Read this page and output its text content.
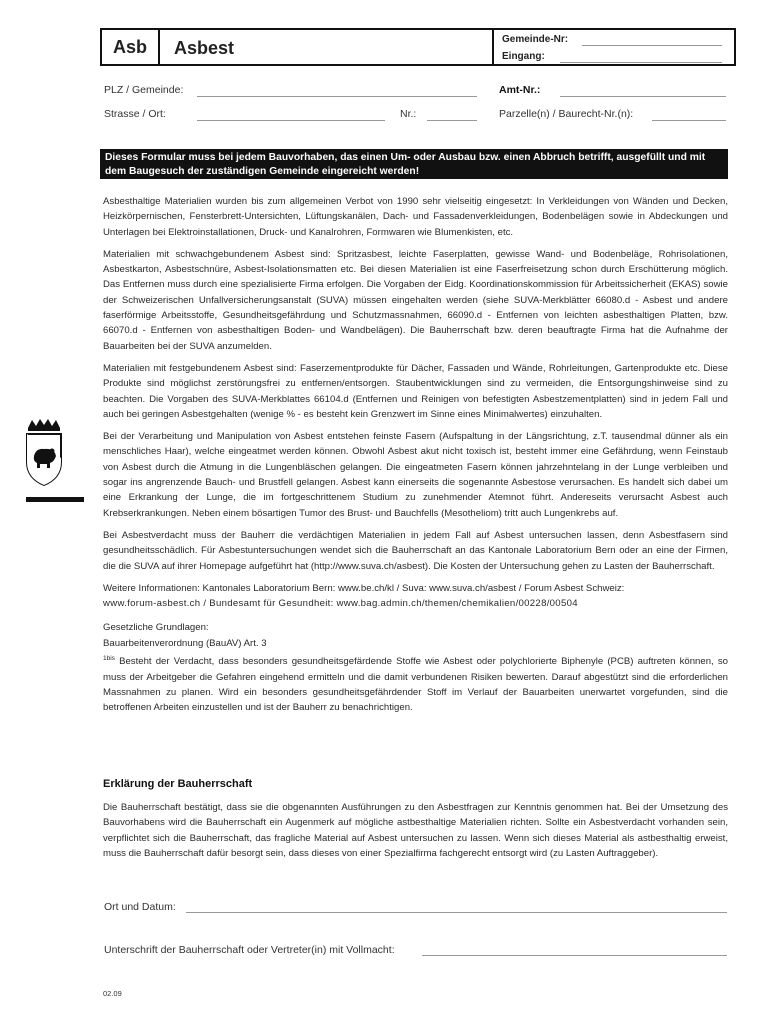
Asb	Asbest	Gemeinde-Nr:
Eingang:
PLZ / Gemeinde:	Amt-Nr.:
Strasse / Ort:	Nr.:	Parzelle(n) / Baurecht-Nr.(n):
Dieses Formular muss bei jedem Bauvorhaben, das einen Um- oder Ausbau bzw. einen Abbruch betrifft, ausgefüllt und mit dem Baugesuch der zuständigen Gemeinde eingereicht werden!

Asbesthaltige Materialien wurden bis zum allgemeinen Verbot von 1990 sehr vielseitig eingesetzt: In Verkleidungen von Wänden und Decken, Heizkörpernischen, Fensterbrett-Untersichten, Lüftungskanälen, Dach- und Fassadenverkleidungen, Bodenbelägen sowie in Abdeckungen und Unterlagen bei Elektroinstallationen, Druck- und Kanalrohren, Formwaren wie Blumenkisten, etc.

Materialien mit schwachgebundenem Asbest sind: Spritzasbest, leichte Faserplatten, gewisse Wand- und Bodenbeläge, Rohrisolationen, Asbestkarton, Asbestschnüre, Asbest-Isolationsmatten etc. Bei diesen Materialien ist eine Faserfreisetzung schon durch Erschütterung möglich. Das Entfernen muss durch eine spezialisierte Firma erfolgen. Die Vorgaben der Eidg. Koordinationskommission für Arbeitssicherheit (EKAS) sowie der Schweizerischen Unfallversicherungsanstalt (SUVA) müssen eingehalten werden (siehe SUVA-Merkblätter 66080.d - Asbest und andere faserförmige Arbeitsstoffe, Gesundheitsgefährdung und Schutzmassnahmen, 66090.d - Entfernen von leichten asbesthaltigen Platten, bzw. 66070.d - Entfernen von asbesthaltigen Boden- und Wandbelägen). Die Bauherrschaft bzw. deren beauftragte Firma hat die Aufnahme der Bauarbeiten bei der SUVA anzumelden.

Materialien mit festgebundenem Asbest sind: Faserzementprodukte für Dächer, Fassaden und Wände, Rohrleitungen, Gartenprodukte etc. Diese Produkte sind möglichst zerstörungsfrei zu entfernen/entsorgen. Staubentwicklungen sind zu vermeiden, die Entsorgungshinweise sind zu beachten. Die Vorgaben des SUVA-Merkblattes 66104.d (Entfernen und Reinigen von befestigten Asbestzementplatten) sind in jedem Fall und auch bei geringen Asbestgehalten (wenige % - es besteht kein Grenzwert im Sinne eines Minimalwertes) einzuhalten.

Bei der Verarbeitung und Manipulation von Asbest entstehen feinste Fasern (Aufspaltung in der Längsrichtung, z.T. tausendmal dünner als ein menschliches Haar), welche eingeatmet werden können. Obwohl Asbest akut nicht toxisch ist, besteht immer eine Gefährdung, wenn Feinstaub von Asbest durch die Atmung in die Lungenbläschen gelangen. Die eingeatmeten Fasern können jahrzehntelang in der Lunge verbleiben und sogar ins angrenzende Bauch- und Brustfell gelangen. Asbest kann einerseits die sogenannte Asbestose verursachen. Es handelt sich dabei um eine Erkrankung der Lunge, die im fortgeschrittenem Studium zu zunehmender Atemnot führt. Andereseits verursacht Asbest auch Krebserkrankungen. Neben einem bösartigen Tumor des Brust- und Bauchfells (Mesotheliom) tritt auch Lungenkrebs auf.

Bei Asbestverdacht muss der Bauherr die verdächtigen Materialien in jedem Fall auf Asbest untersuchen lassen, denn Asbestfasern sind gesundheitsschädlich. Für Asbestuntersuchungen wendet sich die Bauherrschaft an das Kantonale Laboratorium Bern oder an eine der Firmen, die die SUVA auf ihrer Homepage aufgeführt hat (http://www.suva.ch/asbest). Die Kosten der Untersuchung gehen zu Lasten der Bauherrschaft.

Weitere Informationen: Kantonales Laboratorium Bern: www.be.ch/kl / Suva: www.suva.ch/asbest / Forum Asbest Schweiz:

www.forum-asbest.ch / Bundesamt für Gesundheit: www.bag.admin.ch/themen/chemikalien/00228/00504

Gesetzliche Grundlagen:

Bauarbeitenverordnung (BauAV) Art. 3

$^{1bis}$ Besteht der Verdacht, dass besonders gesundheitsgefärdende Stoffe wie Asbest oder polychlorierte Biphenyle (PCB) auftreten können, so muss der Arbeitgeber die Gefahren eingehend ermitteln und die damit verbundenen Risiken bewerten. Darauf abgestützt sind die erforderlichen Massnahmen zu planen. Wird ein besonders gesundheitsgefährdender Stoff im Verlauf der Bauarbeiten unerwartet vorgefunden, sind die betroffenen Arbeiten einzustellen und ist der Bauherr zu benachrichtigen.

Erklärung der Bauherrschaft

Die Bauherrschaft bestätigt, dass sie die obgenannten Ausführungen zu den Asbestfragen zur Kenntnis genommen hat. Bei der Umsetzung des Bauvorhabens wird die Bauherrschaft ein Augenmerk auf mögliche astbesthaltige Materialien richten. Sollte ein Asbestverdacht vorhanden sein, verpflichtet sich die Bauherrschaft, das fragliche Material auf Asbest untersuchen zu lassen. Wenn sich dieses Material als astbesthaltig erweist, muss die Bauherrschaft dafür besorgt sein, dass dieses von einer Spezialfirma fachgerecht entsorgt wird (zu Lasten Auftraggeber).

Ort und Datum:
Unterschrift der Bauherrschaft oder Vertreter(in) mit Vollmacht:
02.09
